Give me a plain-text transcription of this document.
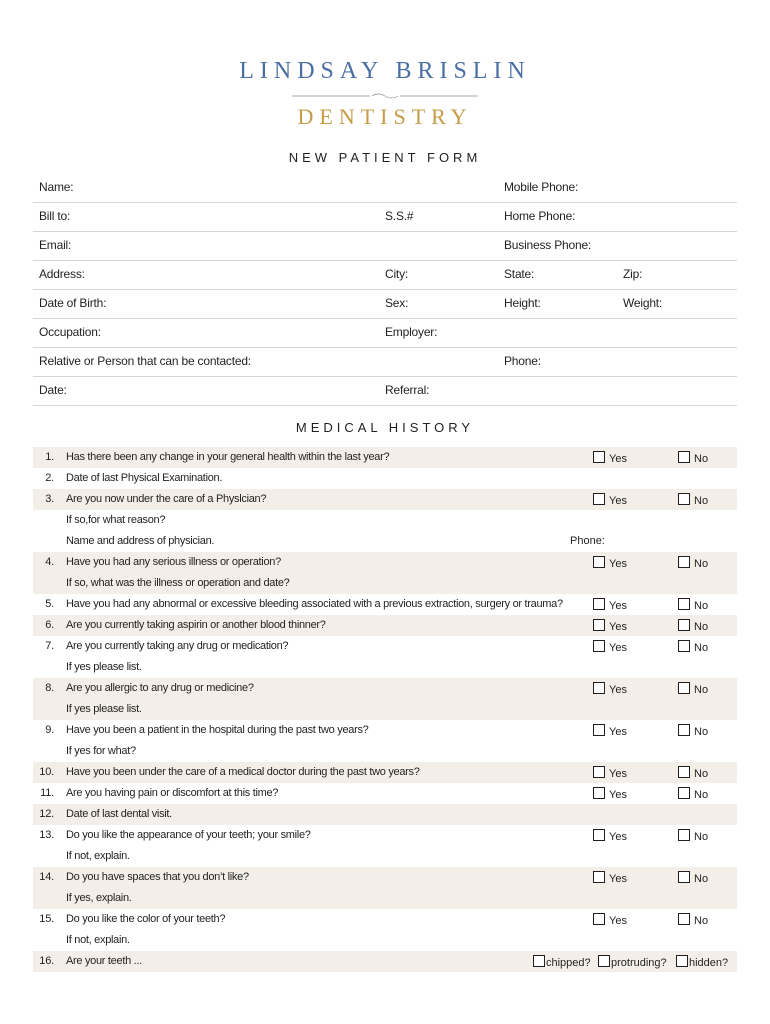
LINDSAY BRISLIN
DENTISTRY
NEW PATIENT FORM
Name:	Mobile Phone:
Bill to:	S.S.#	Home Phone:
Email:	Business Phone:
Address:	City:	State:	Zip:
Date of Birth:	Sex:	Height:	Weight:
Occupation:	Employer:
Relative or Person that can be contacted:	Phone:
Date:	Referral:
MEDICAL HISTORY
1. Has there been any change in your general health within the last year?	Yes	No
2. Date of last Physical Examination.
3. Are you now under the care of a Physlcian?	Yes	No
If so,for what reason?
Name and address of physician.	Phone:
4. Have you had any serious illness or operation?	Yes	No
If so, what was the illness or operation and date?
5. Have you had any abnormal or excessive bleeding associated with a previous extraction, surgery or trauma?	Yes	No
6. Are you currently taking aspirin or another blood thinner?	Yes	No
7. Are you currently taking any drug or medication?	Yes	No
If yes please list.
8. Are you allergic to any drug or medicine?	Yes	No
If yes please list.
9. Have you been a patient in the hospital during the past two years?	Yes	No
If yes for what?
10. Have you been under the care of a medical doctor during the past two years?	Yes	No
11. Are you having pain or discomfort at this time?	Yes	No
12. Date of last dental visit.
13. Do you like the appearance of your teeth; your smile?	Yes	No
If not, explain.
14. Do you have spaces that you don’t like?	Yes	No
If yes, explain.
15. Do you like the color of your teeth?	Yes	No
If not, explain.
16. Are your teeth ...	chipped?	protruding?	hidden?
